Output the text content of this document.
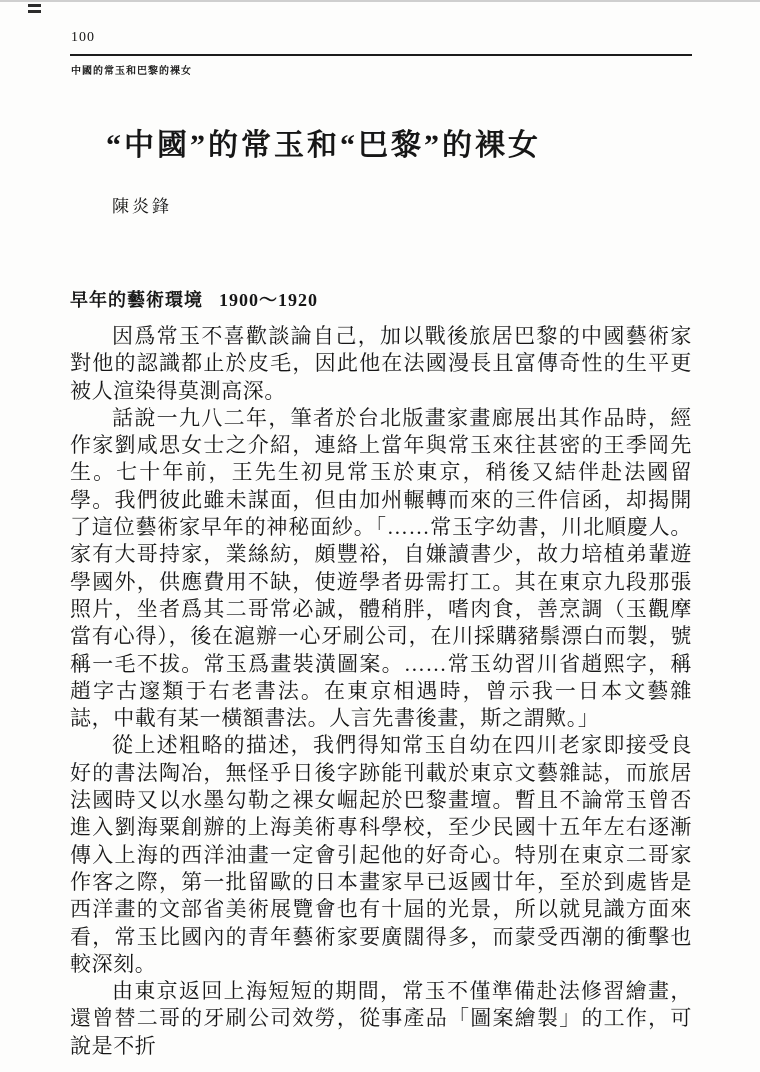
100
中國的常玉和巴黎的裸女
“中國”的常玉和“巴黎”的裸女
陳炎鋒
早年的藝術環境 1900～1920

因爲常玉不喜歡談論自己，加以戰後旅居巴黎的中國藝術家對他的認識都止於皮毛，因此他在法國漫長且富傳奇性的生平更被人渲染得莫測高深。

話說一九八二年，筆者於台北版畫家畫廊展出其作品時，經作家劉咸思女士之介紹，連絡上當年與常玉來往甚密的王季岡先生。七十年前，王先生初見常玉於東京，稍後又結伴赴法國留學。我們彼此雖未謀面，但由加州輾轉而來的三件信函，却揭開了這位藝術家早年的神秘面紗。「……常玉字幼書，川北順慶人。家有大哥持家，業絲紡，頗豐裕，自嫌讀書少，故力培植弟輩遊學國外，供應費用不缺，使遊學者毋需打工。其在東京九段那張照片，坐者爲其二哥常必誠，體稍胖，嗜肉食，善烹調（玉觀摩當有心得），後在滬辦一心牙刷公司，在川採購豬鬃漂白而製，號稱一毛不拔。常玉爲畫裝潢圖案。……常玉幼習川省趙熙字，稱趙字古邃類于右老書法。在東京相遇時，曾示我一日本文藝雜誌，中載有某一橫額書法。人言先書後畫，斯之謂歟。」

從上述粗略的描述，我們得知常玉自幼在四川老家即接受良好的書法陶冶，無怪乎日後字跡能刊載於東京文藝雜誌，而旅居法國時又以水墨勾勒之裸女崛起於巴黎畫壇。暫且不論常玉曾否進入劉海粟創辦的上海美術專科學校，至少民國十五年左右逐漸傳入上海的西洋油畫一定會引起他的好奇心。特別在東京二哥家作客之際，第一批留歐的日本畫家早已返國廿年，至於到處皆是西洋畫的文部省美術展覽會也有十屆的光景，所以就見識方面來看，常玉比國內的青年藝術家要廣闊得多，而蒙受西潮的衝擊也較深刻。

由東京返回上海短短的期間，常玉不僅準備赴法修習繪畫，還曾替二哥的牙刷公司效勞，從事產品「圖案繪製」的工作，可說是不折
